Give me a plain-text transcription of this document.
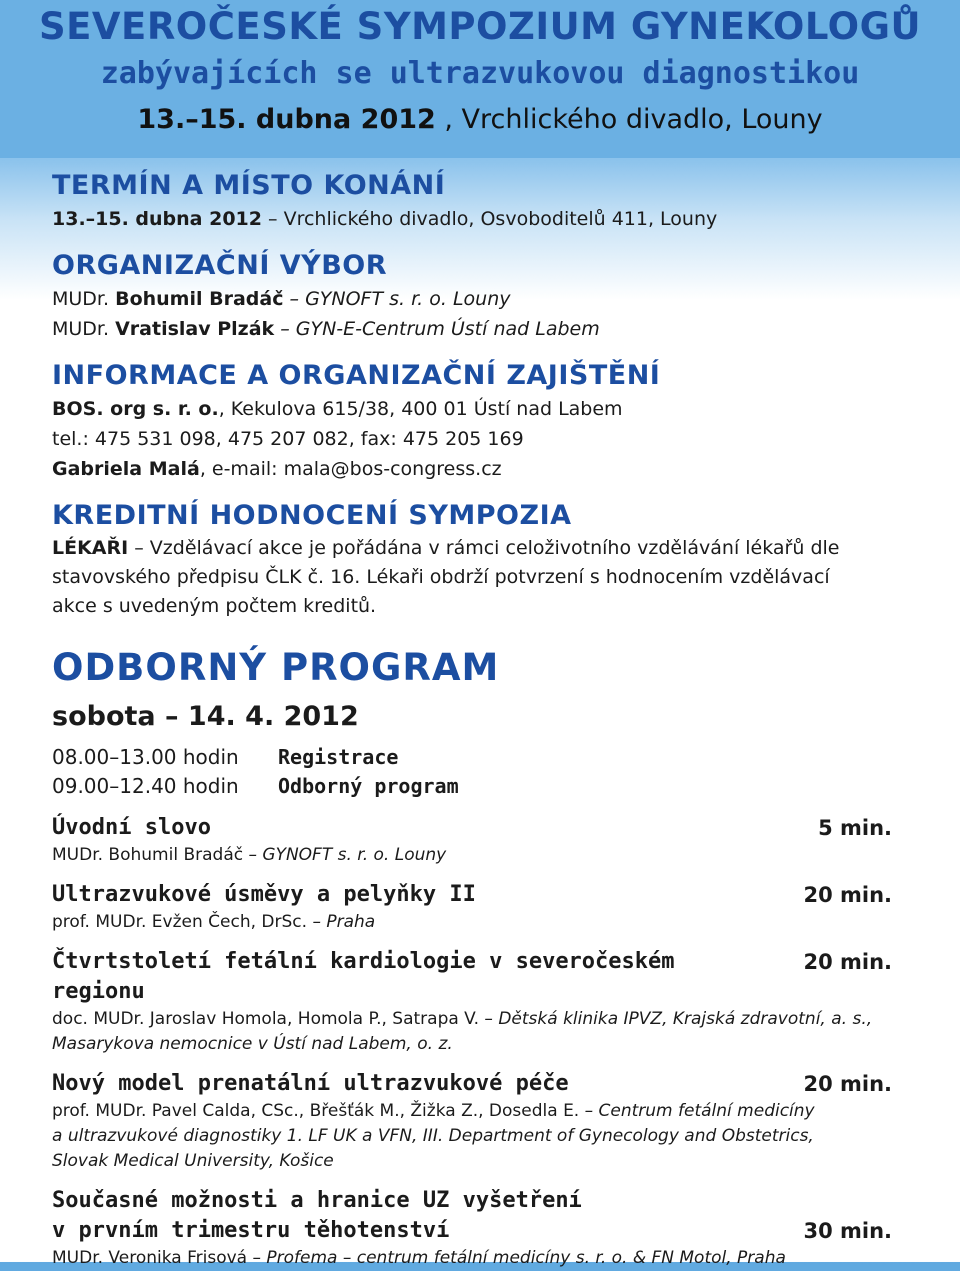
SEVEROČESKÉ SYMPOZIUM GYNEKOLOGŮ
zabývajících se ultrazvukovou diagnostikou
13.–15. dubna 2012 , Vrchlického divadlo, Louny

TERMÍN A MÍSTO KONÁNÍ

13.–15. dubna 2012 – Vrchlického divadlo, Osvoboditelů 411, Louny

ORGANIZAČNÍ VÝBOR

MUDr. Bohumil Bradáč – GYNOFT s. r. o. Louny

MUDr. Vratislav Plzák – GYN-E-Centrum Ústí nad Labem

INFORMACE A ORGANIZAČNÍ ZAJIŠTĚNÍ

BOS. org s. r. o., Kekulova 615/38, 400 01 Ústí nad Labem

tel.: 475 531 098, 475 207 082, fax: 475 205 169

Gabriela Malá, e-mail: mala@bos-congress.cz

KREDITNÍ HODNOCENÍ SYMPOZIA

LÉKAŘI – Vzdělávací akce je pořádána v rámci celoživotního vzdělávání lékařů dle

stavovského předpisu ČLK č. 16. Lékaři obdrží potvrzení s hodnocením vzdělávací

akce s uvedeným počtem kreditů.

ODBORNÝ PROGRAM

sobota – 14. 4. 2012

08.00–13.00 hodin Registrace

09.00–12.40 hodin Odborný program

Úvodní slovo	5 min.

MUDr. Bohumil Bradáč – GYNOFT s. r. o. Louny

Ultrazvukové úsměvy a pelyňky II	20 min.

prof. MUDr. Evžen Čech, DrSc. – Praha

Čtvrtstoletí fetální kardiologie v severočeském regionu

20 min.

doc. MUDr. Jaroslav Homola, Homola P., Satrapa V. – Dětská klinika IPVZ, Krajská zdravotní, a. s.,

Masarykova nemocnice v Ústí nad Labem, o. z.

Nový model prenatální ultrazvukové péče	20 min.

prof. MUDr. Pavel Calda, CSc., Břešťák M., Žižka Z., Dosedla E. – Centrum fetální medicíny

a ultrazvukové diagnostiky 1. LF UK a VFN, III. Department of Gynecology and Obstetrics,

Slovak Medical University, Košice

Současné možnosti a hranice UZ vyšetření

v prvním trimestru těhotenství	30 min.

MUDr. Veronika Frisová – Profema – centrum fetální medicíny s. r. o. & FN Motol, Praha
